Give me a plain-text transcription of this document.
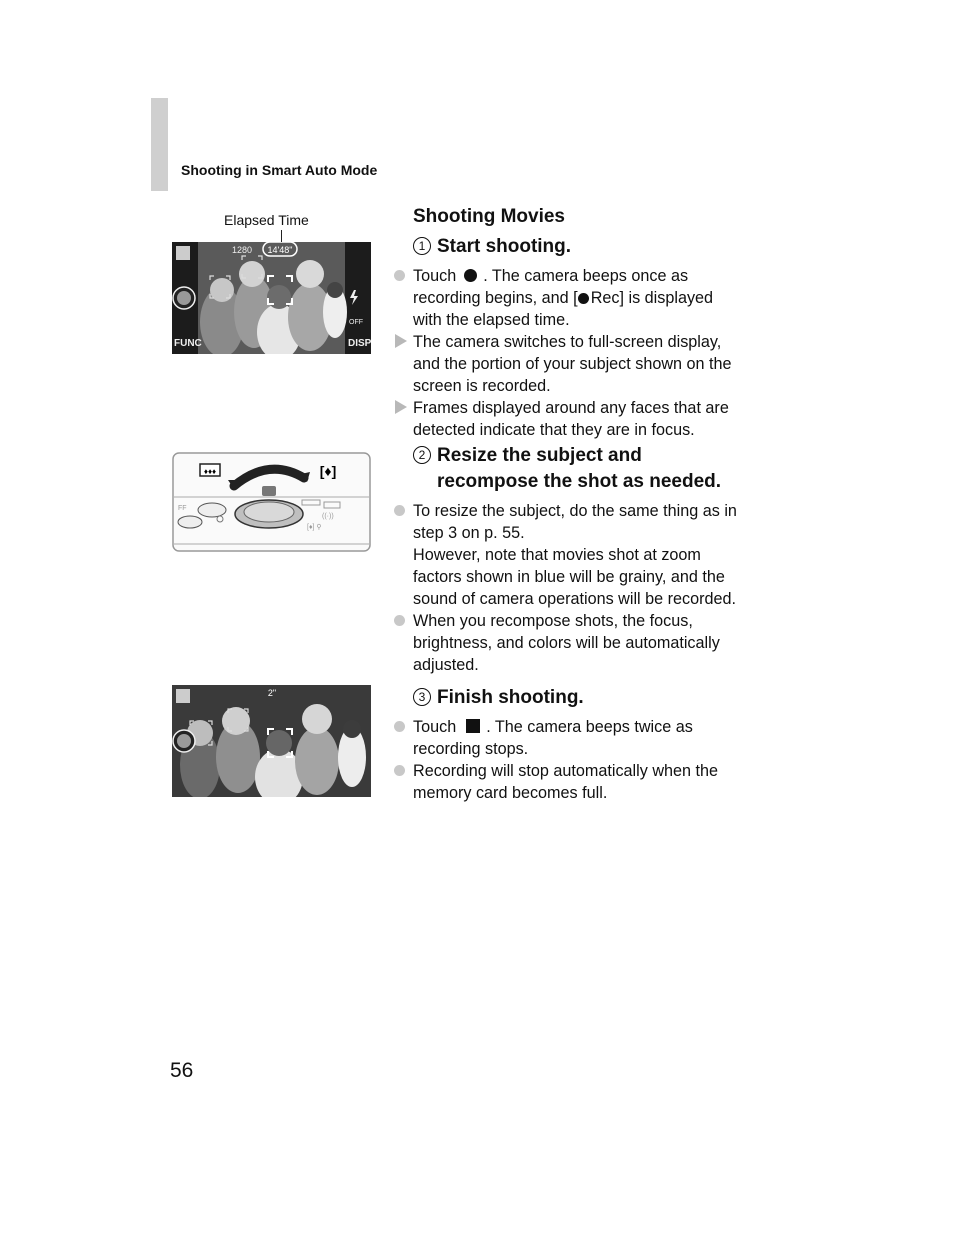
Shooting in Smart Auto Mode
Elapsed Time
14'48"
1280
FUNC	DISP
OFF
♦♦♦	[♦]
FF
((·))
[♦] ⚲
2"
Shooting Movies
1 Start shooting.
Touch . The camera beeps once as
recording begins, and [ Rec] is displayed
with the elapsed time.
The camera switches to full-screen display,
and the portion of your subject shown on the
screen is recorded.
Frames displayed around any faces that are
detected indicate that they are in focus.
2 Resize the subject and
recompose the shot as needed.
To resize the subject, do the same thing as in
step 3 on p. 55.
However, note that movies shot at zoom
factors shown in blue will be grainy, and the
sound of camera operations will be recorded.
When you recompose shots, the focus,
brightness, and colors will be automatically
adjusted.
3 Finish shooting.
Touch . The camera beeps twice as
recording stops.
Recording will stop automatically when the
memory card becomes full.
56
